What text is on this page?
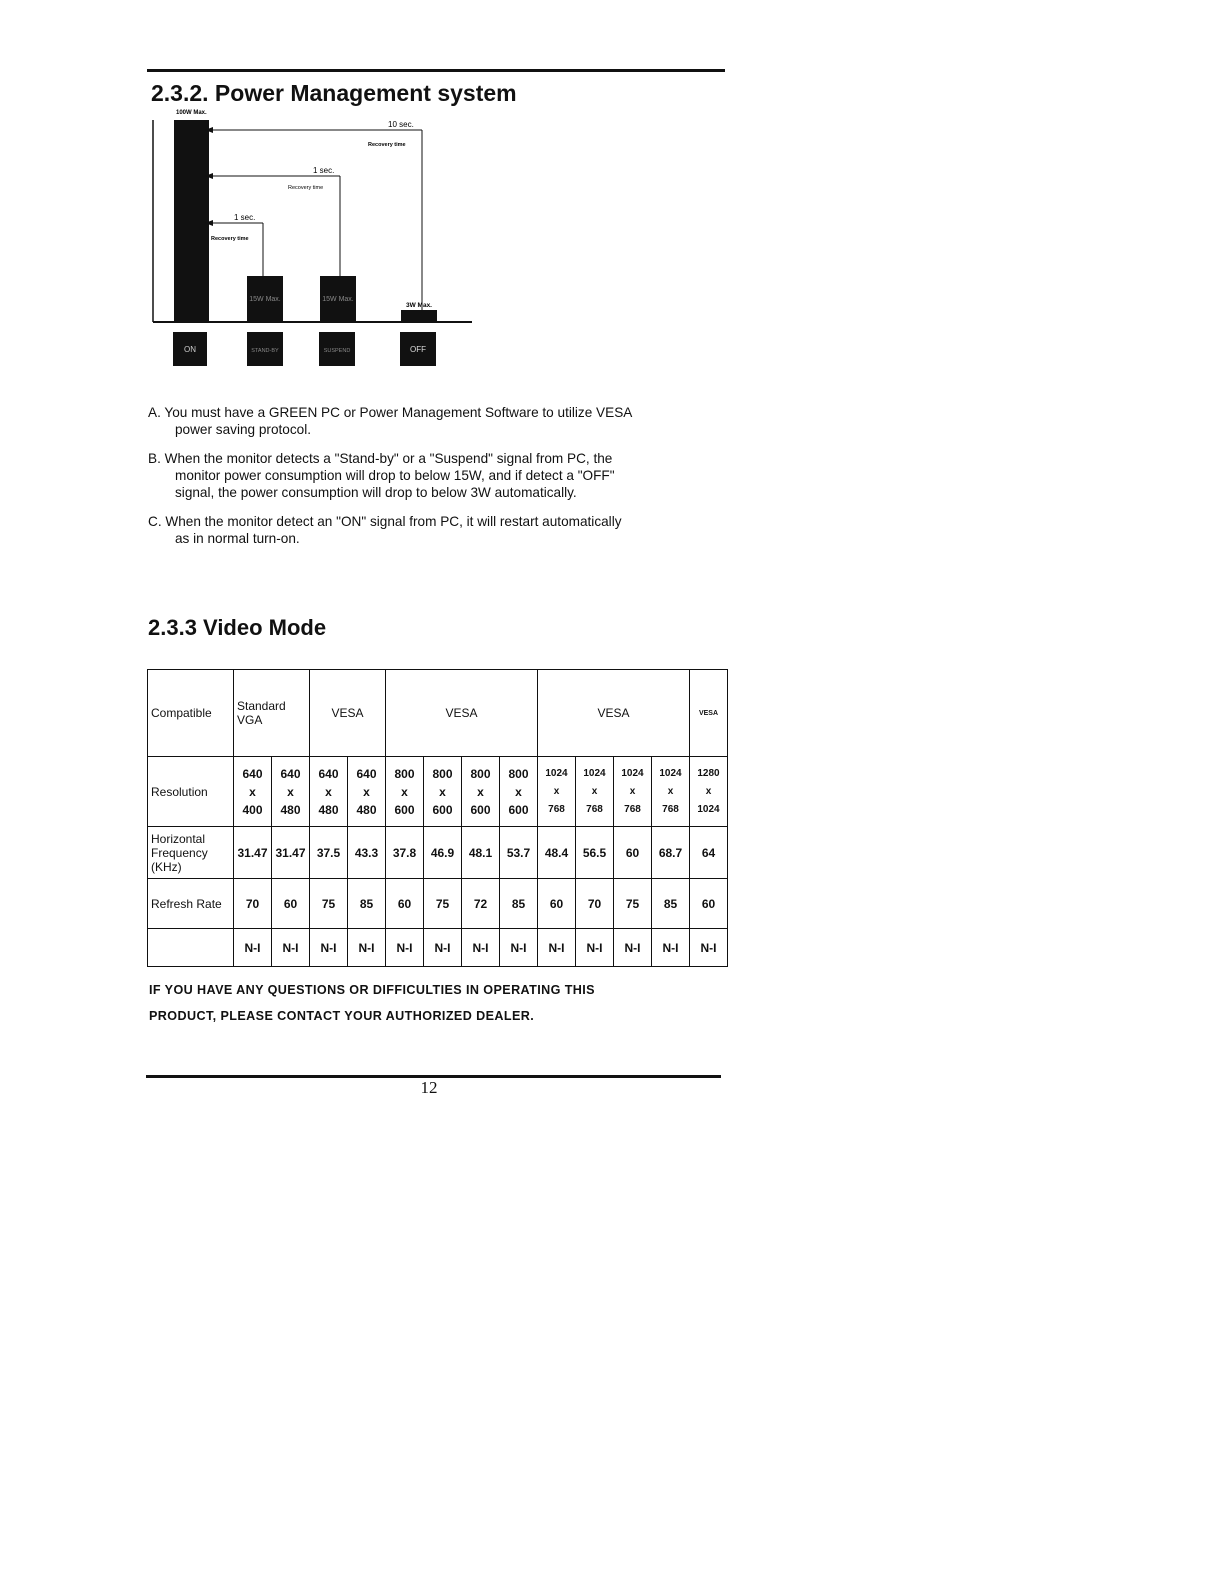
2.3.2. Power Management system
100W Max.
15W Max.	15W Max.
3W Max.
10 sec.
Recovery time
1 sec.
Recovery time
1 sec.
Recovery time
ON	STAND-BY	SUSPEND	OFF
A. You must have a GREEN PC or Power Management Software to utilize VESA
power saving protocol.
B. When the monitor detects a "Stand-by" or a "Suspend" signal from PC, the
monitor power consumption will drop to below 15W, and if detect a "OFF"
signal, the power consumption will drop to below 3W automatically.
C. When the monitor detect an "ON" signal from PC, it will restart automatically
as in normal turn-on.
2.3.3 Video Mode
Compatible	Standard VGA		VESA		VESA				VESA				VESA
Resolution	640
x
400	640
x
480	640
x
480	640
x
480	800
x
600	800
x
600	800
x
600	800
x
600	1024
x
768	1024
x
768	1024
x
768	1024
x
768	1280
x
1024

Horizontal Frequency (KHz)	31.47	31.47	37.5	43.3	37.8	46.9	48.1	53.7	48.4	56.5	60	68.7	64
Refresh Rate	70	60	75	85	60	75	72	85	60	70	75	85	60
	N-I	N-I	N-I	N-I	N-I	N-I	N-I	N-I	N-I	N-I	N-I	N-I	N-I
IF YOU HAVE ANY QUESTIONS OR DIFFICULTIES IN OPERATING THIS
PRODUCT, PLEASE CONTACT YOUR AUTHORIZED DEALER.
12
